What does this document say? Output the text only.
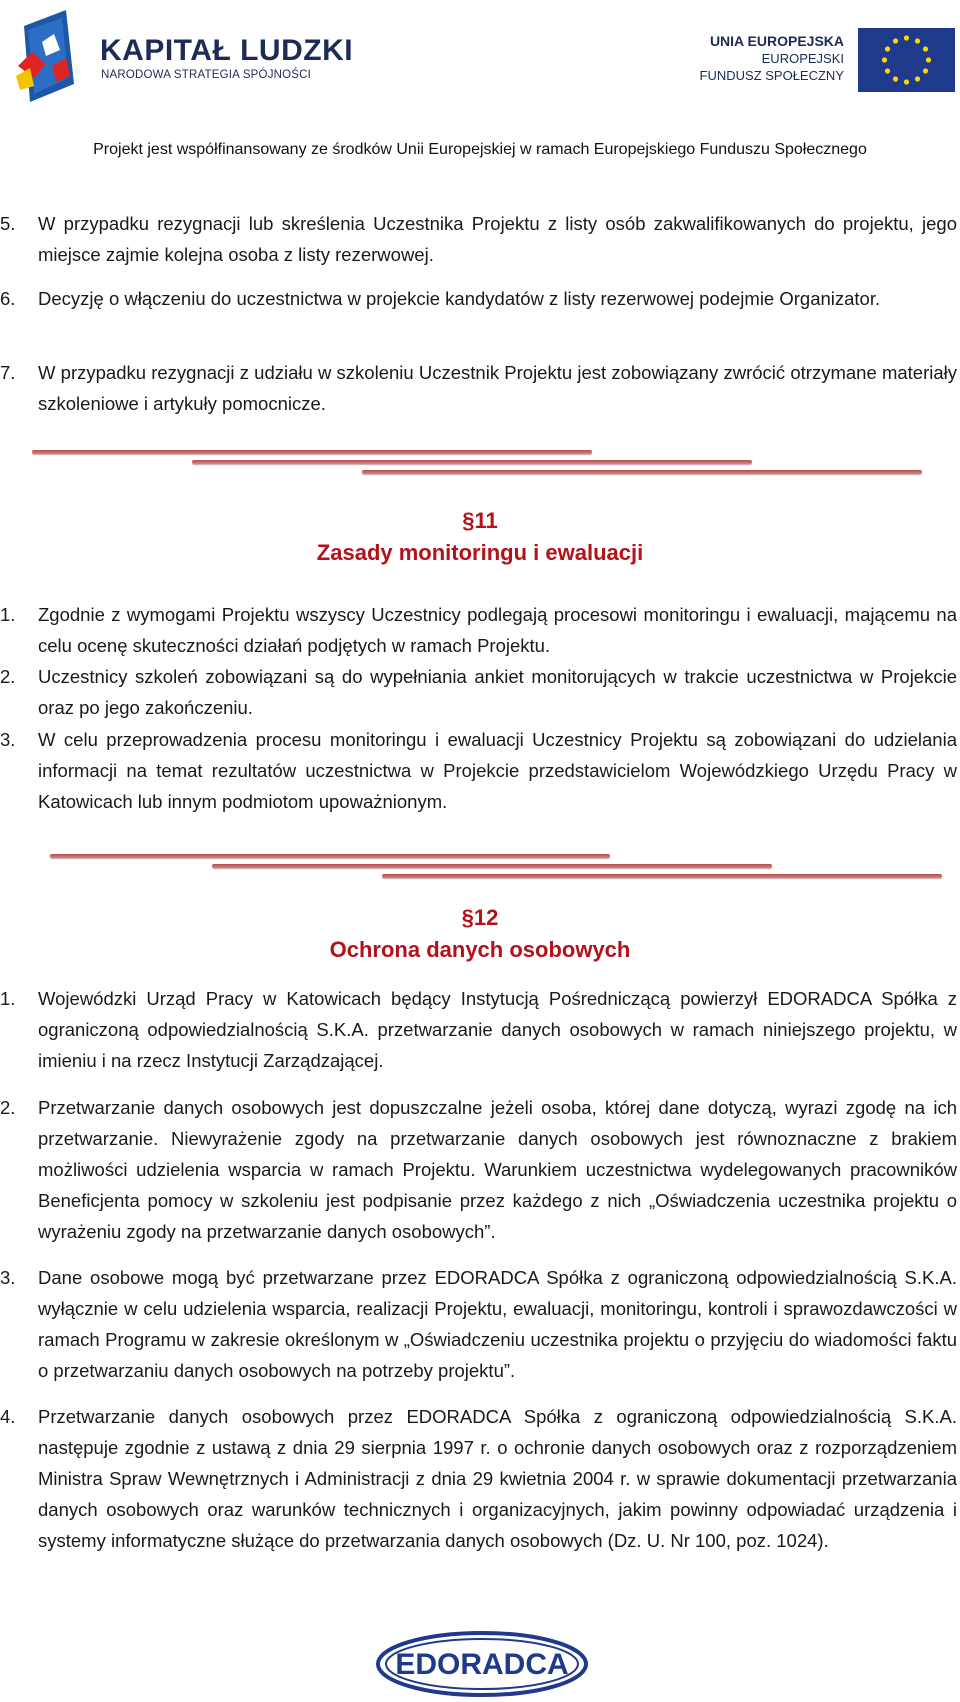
KAPITAŁ LUDZKI
NARODOWA STRATEGIA SPÓJNOŚCI
UNIA EUROPEJSKA
EUROPEJSKI
FUNDUSZ SPOŁECZNY
Projekt jest współfinansowany ze środków Unii Europejskiej w ramach Europejskiego Funduszu Społecznego
5. W przypadku rezygnacji lub skreślenia Uczestnika Projektu z listy osób zakwalifikowanych do projektu, jego miejsce zajmie kolejna osoba z listy rezerwowej.
6. Decyzję o włączeniu do uczestnictwa w projekcie kandydatów z listy rezerwowej podejmie Organizator.
7. W przypadku rezygnacji z udziału w szkoleniu Uczestnik Projektu jest zobowiązany zwrócić otrzymane materiały szkoleniowe i artykuły pomocnicze.
§11
Zasady monitoringu i ewaluacji
1. Zgodnie z wymogami Projektu wszyscy Uczestnicy podlegają procesowi monitoringu i ewaluacji, mającemu na celu ocenę skuteczności działań podjętych w ramach Projektu.
2. Uczestnicy szkoleń zobowiązani są do wypełniania ankiet monitorujących w trakcie uczestnictwa w Projekcie oraz po jego zakończeniu.
3. W celu przeprowadzenia procesu monitoringu i ewaluacji Uczestnicy Projektu są zobowiązani do udzielania informacji na temat rezultatów uczestnictwa w Projekcie przedstawicielom Wojewódzkiego Urzędu Pracy w Katowicach lub innym podmiotom upoważnionym.
§12
Ochrona danych osobowych
1. Wojewódzki Urząd Pracy w Katowicach będący Instytucją Pośredniczącą powierzył EDORADCA Spółka z ograniczoną odpowiedzialnością S.K.A. przetwarzanie danych osobowych w ramach niniejszego projektu, w imieniu i na rzecz Instytucji Zarządzającej.
2. Przetwarzanie danych osobowych jest dopuszczalne jeżeli osoba, której dane dotyczą, wyrazi zgodę na ich przetwarzanie. Niewyrażenie zgody na przetwarzanie danych osobowych jest równoznaczne z brakiem możliwości udzielenia wsparcia w ramach Projektu. Warunkiem uczestnictwa wydelegowanych pracowników Beneficjenta pomocy w szkoleniu jest podpisanie przez każdego z nich „Oświadczenia uczestnika projektu o wyrażeniu zgody na przetwarzanie danych osobowych”.
3. Dane osobowe mogą być przetwarzane przez EDORADCA Spółka z ograniczoną odpowiedzialnością S.K.A. wyłącznie w celu udzielenia wsparcia, realizacji Projektu, ewaluacji, monitoringu, kontroli i sprawozdawczości w ramach Programu w zakresie określonym w „Oświadczeniu uczestnika projektu o przyjęciu do wiadomości faktu o przetwarzaniu danych osobowych na potrzeby projektu”.
4. Przetwarzanie danych osobowych przez EDORADCA Spółka z ograniczoną odpowiedzialnością S.K.A. następuje zgodnie z ustawą z dnia 29 sierpnia 1997 r. o ochronie danych osobowych oraz z rozporządzeniem Ministra Spraw Wewnętrznych i Administracji z dnia 29 kwietnia 2004 r. w sprawie dokumentacji przetwarzania danych osobowych oraz warunków technicznych i organizacyjnych, jakim powinny odpowiadać urządzenia i systemy informatyczne służące do przetwarzania danych osobowych (Dz. U. Nr 100, poz. 1024).
EDORADCA
